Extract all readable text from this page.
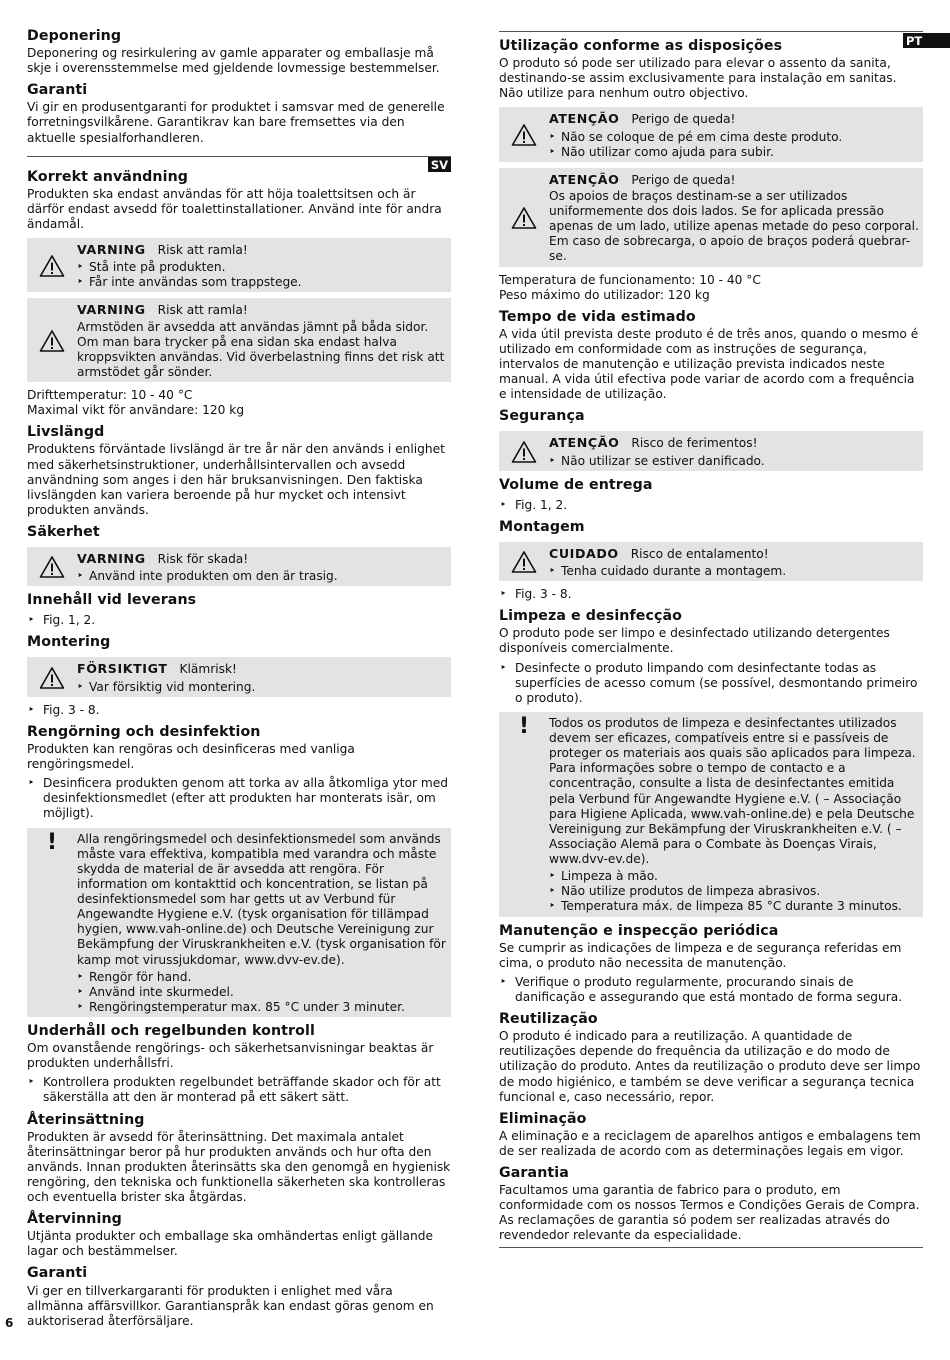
Deponering

Deponering og resirkulering av gamle apparater og emballasje må skje i overensstemmelse med gjeldende lovmessige bestemmelser.

Garanti

Vi gir en produsentgaranti for produktet i samsvar med de generelle forretningsvilkårene. Garantikrav kan bare fremsettes via den aktuelle spesialforhandleren.

SV
Korrekt användning

Produkten ska endast användas för att höja toalettsitsen och är därför endast avsedd för toalettinstallationer. Använd inte för andra ändamål.

VARNING Risk att ramla!
‣ Stå inte på produkten.
‣ Får inte användas som trappstege.
VARNING Risk att ramla!

Armstöden är avsedda att användas jämnt på båda sidor. Om man bara trycker på ena sidan ska endast halva kroppsvikten användas. Vid överbelastning finns det risk att armstödet går sönder.

Drifttemperatur: 10 - 40 °C

Maximal vikt för användare: 120 kg

Livslängd

Produktens förväntade livslängd är tre år när den används i enlighet med säkerhetsinstruktioner, underhållsintervallen och avsedd användning som anges i den här bruksanvisningen. Den faktiska livslängden kan variera beroende på hur mycket och intensivt produkten används.

Säkerhet
VARNING Risk för skada!
‣ Använd inte produkten om den är trasig.
Innehåll vid leverans
‣ Fig. 1, 2.
Montering
FÖRSIKTIGT Klämrisk!
‣ Var försiktig vid montering.
‣ Fig. 3 - 8.
Rengörning och desinfektion

Produkten kan rengöras och desinficeras med vanliga rengöringsmedel.

‣ Desinficera produkten genom att torka av alla åtkomliga ytor med desinfektionsmedlet (efter att produkten har monterats isär, om möjligt).
! Alla rengöringsmedel och desinfektionsmedel som används måste vara effektiva, kompatibla med varandra och måste skydda de material de är avsedda att rengöra. För information om kontakttid och koncentration, se listan på desinfektionsmedel som har getts ut av Verbund für Angewandte Hygiene e.V. (tysk organisation för tillämpad hygien, www.vah-online.de) och Deutsche Vereinigung zur Bekämpfung der Viruskrankheiten e.V. (tysk organisation för kamp mot virussjukdomar, www.dvv-ev.de).

‣ Rengör för hand.
‣ Använd inte skurmedel.
‣ Rengöringstemperatur max. 85 °C under 3 minuter.
Underhåll och regelbunden kontroll

Om ovanstående rengörings- och säkerhetsanvisningar beaktas är produkten underhållsfri.

‣ Kontrollera produkten regelbundet beträffande skador och för att säkerställa att den är monterad på ett säkert sätt.
Återinsättning

Produkten är avsedd för återinsättning. Det maximala antalet återinsättningar beror på hur produkten används och hur ofta den används. Innan produkten återinsätts ska den genomgå en hygienisk rengöring, den tekniska och funktionella säkerheten ska kontrolleras och eventuella brister ska åtgärdas.

Återvinning

Utjänta produkter och emballage ska omhändertas enligt gällande lagar och bestämmelser.

Garanti

Vi ger en tillverkargaranti för produkten i enlighet med våra allmänna affärsvillkor. Garantianspråk kan endast göras genom en auktoriserad återförsäljare.

PT
Utilização conforme as disposições

O produto só pode ser utilizado para elevar o assento da sanita, destinando-se assim exclusivamente para instalação em sanitas. Não utilize para nenhum outro objectivo.

ATENÇÃO Perigo de queda!
‣ Não se coloque de pé em cima deste produto.
‣ Não utilizar como ajuda para subir.
ATENÇÃO Perigo de queda!

Os apoios de braços destinam-se a ser utilizados uniformemente dos dois lados. Se for aplicada pressão apenas de um lado, utilize apenas metade do peso corporal. Em caso de sobrecarga, o apoio de braços poderá quebrar-se.

Temperatura de funcionamento: 10 - 40 °C

Peso máximo do utilizador: 120 kg

Tempo de vida estimado

A vida útil prevista deste produto é de três anos, quando o mesmo é utilizado em conformidade com as instruções de segurança, intervalos de manutenção e utilização prevista indicados neste manual. A vida útil efectiva pode variar de acordo com a frequência e intensidade de utilização.

Segurança
ATENÇÃO Risco de ferimentos!
‣ Não utilizar se estiver danificado.
Volume de entrega
‣ Fig. 1, 2.
Montagem
CUIDADO Risco de entalamento!
‣ Tenha cuidado durante a montagem.
‣ Fig. 3 - 8.
Limpeza e desinfecção

O produto pode ser limpo e desinfectado utilizando detergentes disponíveis comercialmente.

‣ Desinfecte o produto limpando com desinfectante todas as superfícies de acesso comum (se possível, desmontando primeiro o produto).
! Todos os produtos de limpeza e desinfectantes utilizados devem ser eficazes, compatíveis entre si e passíveis de proteger os materiais aos quais são aplicados para limpeza. Para informações sobre o tempo de contacto e a concentração, consulte a lista de desinfectantes emitida pela Verbund für Angewandte Hygiene e.V. ( – Associação para Higiene Aplicada, www.vah-online.de) e pela Deutsche Vereinigung zur Bekämpfung der Viruskrankheiten e.V. ( – Associação Alemã para o Combate às Doenças Virais, www.dvv-ev.de).

‣ Limpeza à mão.
‣ Não utilize produtos de limpeza abrasivos.
‣ Temperatura máx. de limpeza 85 °C durante 3 minutos.
Manutenção e inspecção periódica

Se cumprir as indicações de limpeza e de segurança referidas em cima, o produto não necessita de manutenção.

‣ Verifique o produto regularmente, procurando sinais de danificação e assegurando que está montado de forma segura.
Reutilização

O produto é indicado para a reutilização. A quantidade de reutilizações depende do frequência da utilização e do modo de utilização do produto. Antes da reutilização o produto deve ser limpo de modo higiénico, e também se deve verificar a segurança tecnica funcional e, caso necessário, repor.

Eliminação

A eliminação e a reciclagem de aparelhos antigos e embalagens tem de ser realizada de acordo com as determinações legais em vigor.

Garantia

Facultamos uma garantia de fabrico para o produto, em conformidade com os nossos Termos e Condições Gerais de Compra. As reclamações de garantia só podem ser realizadas através do revendedor relevante da especialidade.

6
